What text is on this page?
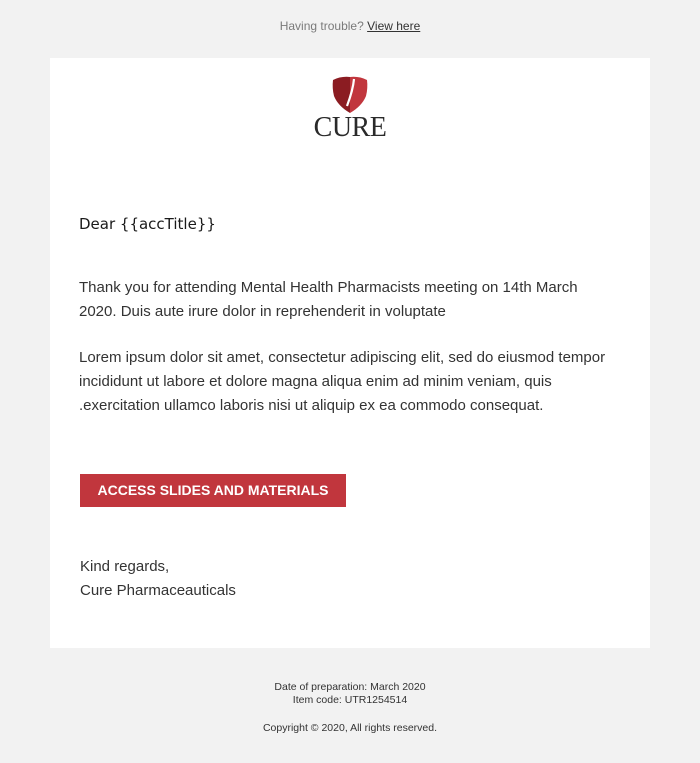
Having trouble? View here
CURE
Dear {{accTitle}}
Thank you for attending Mental Health Pharmacists meeting on 14th March 2020. Duis aute irure dolor in reprehenderit in voluptate
Lorem ipsum dolor sit amet, consectetur adipiscing elit, sed do eiusmod tempor incididunt ut labore et dolore magna aliqua enim ad minim veniam, quis .exercitation ullamco laboris nisi ut aliquip ex ea commodo consequat.
ACCESS SLIDES AND MATERIALS
Kind regards,
Cure Pharmaceauticals
Date of preparation: March 2020
Item code: UTR1254514
Copyright © 2020, All rights reserved.
